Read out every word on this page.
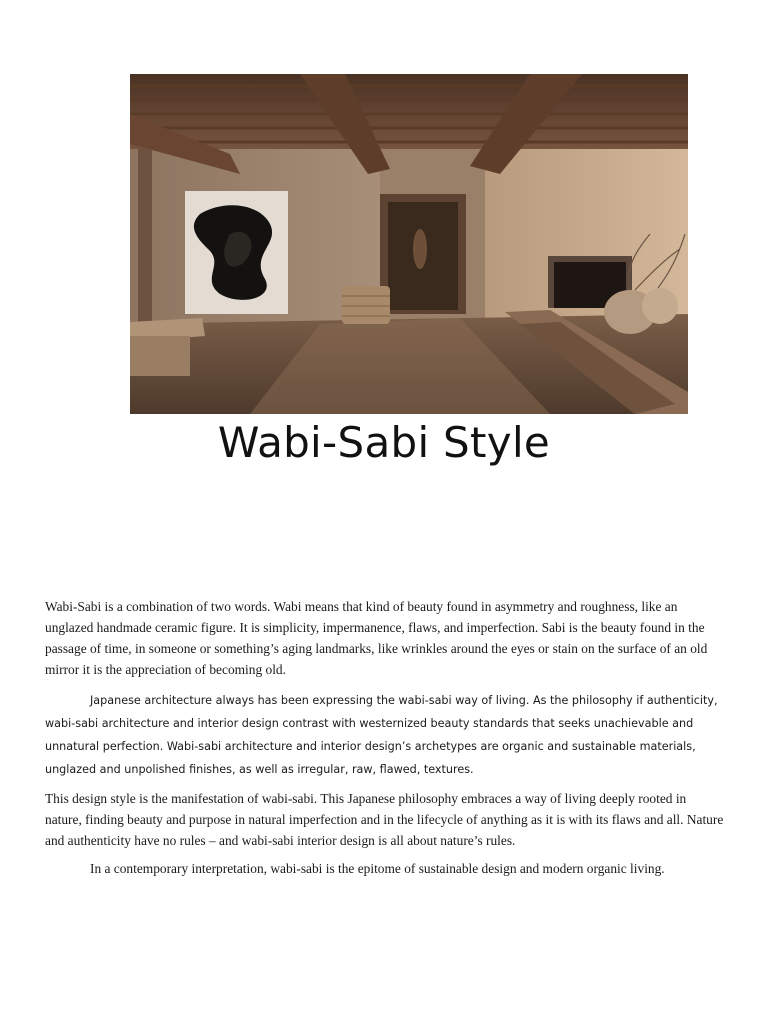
Wabi-Sabi Style

Wabi-Sabi is a combination of two words. Wabi means that kind of beauty found in asymmetry and roughness, like an unglazed handmade ceramic figure. It is simplicity, impermanence, flaws, and imperfection. Sabi is the beauty found in the passage of time, in someone or something’s aging landmarks, like wrinkles around the eyes or stain on the surface of an old mirror it is the appreciation of becoming old.

Japanese architecture always has been expressing the wabi-sabi way of living. As the philosophy if authenticity, wabi-sabi architecture and interior design contrast with westernized beauty standards that seeks unachievable and unnatural perfection. Wabi-sabi architecture and interior design’s archetypes are organic and sustainable materials, unglazed and unpolished finishes, as well as irregular, raw, flawed, textures.

This design style is the manifestation of wabi-sabi. This Japanese philosophy embraces a way of living deeply rooted in nature, finding beauty and purpose in natural imperfection and in the lifecycle of anything as it is with its flaws and all. Nature and authenticity have no rules – and wabi-sabi interior design is all about nature’s rules.

In a contemporary interpretation, wabi-sabi is the epitome of sustainable design and modern organic living.
